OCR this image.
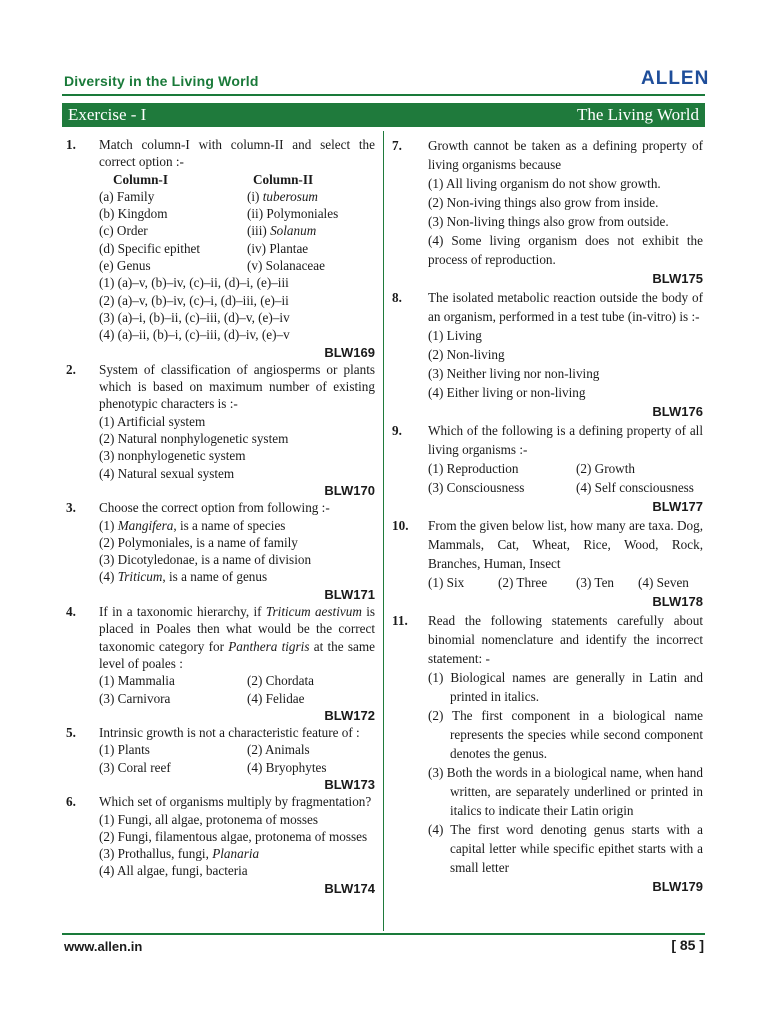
Diversity in the Living World	ALLEN
Exercise - I	The Living World
1. Match column-I with column-II and select the correct option :-
Column-I	Column-II
(a) Family	(i) tuberosum
(b) Kingdom	(ii) Polymoniales
(c) Order	(iii) Solanum
(d) Specific epithet	(iv) Plantae
(e) Genus	(v) Solanaceae
(1) (a)–v, (b)–iv, (c)–ii, (d)–i, (e)–iii
(2) (a)–v, (b)–iv, (c)–i, (d)–iii, (e)–ii
(3) (a)–i, (b)–ii, (c)–iii, (d)–v, (e)–iv
(4) (a)–ii, (b)–i, (c)–iii, (d)–iv, (e)–v
BLW169
2. System of classification of angiosperms or plants which is based on maximum number of existing phenotypic characters is :-
(1) Artificial system
(2) Natural nonphylogenetic system
(3) nonphylogenetic system
(4) Natural sexual system
BLW170
3. Choose the correct option from following :-
(1) Mangifera, is a name of species
(2) Polymoniales, is a name of family
(3) Dicotyledonae, is a name of division
(4) Triticum, is a name of genus
BLW171
4. If in a taxonomic hierarchy, if Triticum aestivum is placed in Poales then what would be the correct taxonomic category for Panthera tigris at the same level of poales :
(1) Mammalia	(2) Chordata
(3) Carnivora	(4) Felidae
BLW172
5. Intrinsic growth is not a characteristic feature of :
(1) Plants	(2) Animals
(3) Coral reef	(4) Bryophytes
BLW173
6. Which set of organisms multiply by fragmentation?
(1) Fungi, all algae, protonema of mosses
(2) Fungi, filamentous algae, protonema of mosses
(3) Prothallus, fungi, Planaria
(4) All algae, fungi, bacteria
BLW174
7. Growth cannot be taken as a defining property of living organisms because
(1) All living organism do not show growth.
(2) Non-iving things also grow from inside.
(3) Non-living things also grow from outside.
(4) Some living organism does not exhibit the process of reproduction.
BLW175
8. The isolated metabolic reaction outside the body of an organism, performed in a test tube (in-vitro) is :-
(1) Living
(2) Non-living
(3) Neither living nor non-living
(4) Either living or non-living
BLW176
9. Which of the following is a defining property of all living organisms :-
(1) Reproduction	(2) Growth
(3) Consciousness	(4) Self consciousness
BLW177
10. From the given below list, how many are taxa. Dog, Mammals, Cat, Wheat, Rice, Wood, Rock, Branches, Human, Insect
(1) Six	(2) Three	(3) Ten	(4) Seven
BLW178
11. Read the following statements carefully about binomial nomenclature and identify the incorrect statement: -
(1) Biological names are generally in Latin and printed in italics.
(2) The first component in a biological name represents the species while second component denotes the genus.
(3) Both the words in a biological name, when hand written, are separately underlined or printed in italics to indicate their Latin origin
(4) The first word denoting genus starts with a capital letter while specific epithet starts with a small letter
BLW179
www.allen.in	[ 85 ]
